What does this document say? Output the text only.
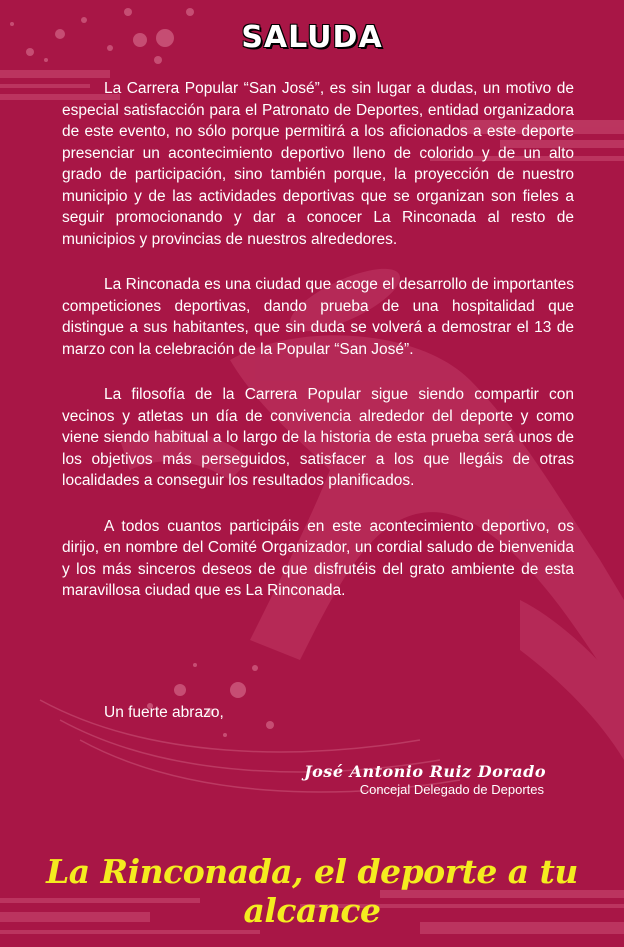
SALUDA

La Carrera Popular “San José”, es sin lugar a dudas, un motivo de especial satisfacción para el Patronato de Deportes, entidad organizadora de este evento, no sólo porque permitirá a los aficionados a este deporte presenciar un acontecimiento deportivo lleno de colorido y de un alto grado de participación, sino también porque, la proyección de nuestro municipio y de las actividades deportivas que se organizan son fieles a seguir promocionando y dar a conocer La Rinconada al resto de municipios y provincias de nuestros alrededores.

La Rinconada es una ciudad que acoge el desarrollo de importantes competiciones deportivas, dando prueba de una hospitalidad que distingue a sus habitantes, que sin duda se volverá a demostrar el 13 de marzo con la celebración de la Popular “San José”.

La filosofía de la Carrera Popular sigue siendo compartir con vecinos y atletas un día de convivencia alrededor del deporte y como viene siendo habitual a lo largo de la historia de esta prueba será unos de los objetivos más perseguidos, satisfacer a los que llegáis de otras localidades a conseguir los resultados planificados.

A todos cuantos participáis en este acontecimiento deportivo, os dirijo, en nombre del Comité Organizador, un cordial saludo de bienvenida y los más sinceros deseos de que disfrutéis del grato ambiente de esta maravillosa ciudad que es La Rinconada.

Un fuerte abrazo,
José Antonio Ruiz Dorado
Concejal Delegado de Deportes
La Rinconada, el deporte a tu alcance
